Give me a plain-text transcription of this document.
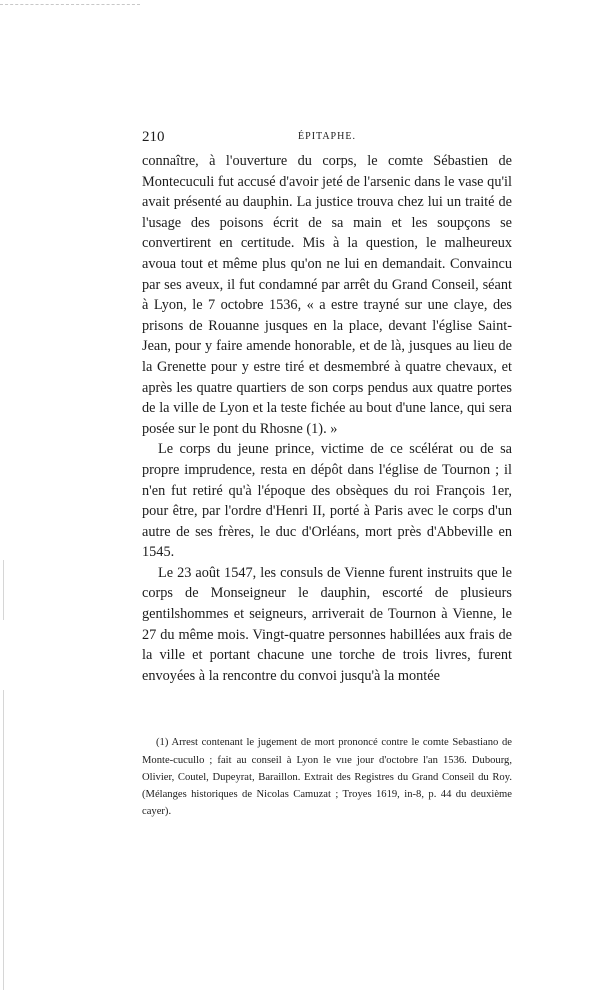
210	ÉPITAPHE.

connaître, à l'ouverture du corps, le comte Sébastien de Montecuculi fut accusé d'avoir jeté de l'arsenic dans le vase qu'il avait présenté au dauphin. La justice trouva chez lui un traité de l'usage des poisons écrit de sa main et les soupçons se convertirent en certitude. Mis à la question, le malheureux avoua tout et même plus qu'on ne lui en demandait. Convaincu par ses aveux, il fut condamné par arrêt du Grand Conseil, séant à Lyon, le 7 octobre 1536, « a estre trayné sur une claye, des prisons de Rouanne jusques en la place, devant l'église Saint-Jean, pour y faire amende honorable, et de là, jusques au lieu de la Grenette pour y estre tiré et desmembré à quatre chevaux, et après les quatre quartiers de son corps pendus aux quatre portes de la ville de Lyon et la teste fichée au bout d'une lance, qui sera posée sur le pont du Rhosne (1). »

Le corps du jeune prince, victime de ce scélérat ou de sa propre imprudence, resta en dépôt dans l'église de Tournon ; il n'en fut retiré qu'à l'époque des obsèques du roi François 1er, pour être, par l'ordre d'Henri II, porté à Paris avec le corps d'un autre de ses frères, le duc d'Orléans, mort près d'Abbeville en 1545.

Le 23 août 1547, les consuls de Vienne furent instruits que le corps de Monseigneur le dauphin, escorté de plusieurs gentilshommes et seigneurs, arriverait de Tournon à Vienne, le 27 du même mois. Vingt-quatre personnes habillées aux frais de la ville et portant chacune une torche de trois livres, furent envoyées à la rencontre du convoi jusqu'à la montée

(1) Arrest contenant le jugement de mort prononcé contre le comte Sebastiano de Monte-cucullo ; fait au conseil à Lyon le vııe jour d'octobre l'an 1536. Dubourg, Olivier, Coutel, Dupeyrat, Baraillon. Extrait des Registres du Grand Conseil du Roy. (Mélanges historiques de Nicolas Camuzat ; Troyes 1619, in-8, p. 44 du deuxième cayer).
